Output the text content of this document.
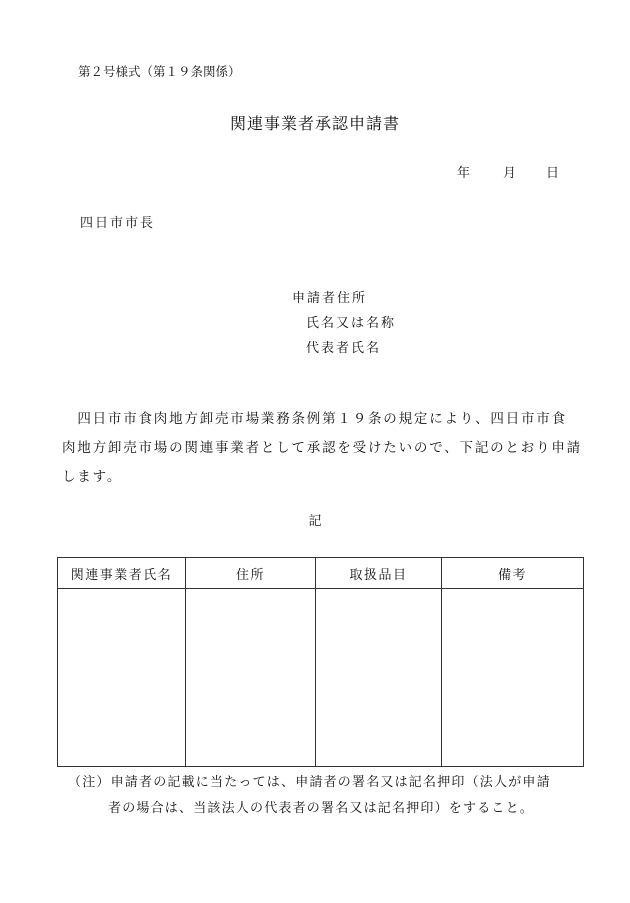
第２号様式（第１９条関係）
関連事業者承認申請書
年	月 日
四日市市長
申請者住所
氏名又は名称
代表者氏名
　四日市市食肉地方卸売市場業務条例第１９条の規定により、四日市市食肉地方卸売市場の関連事業者として承認を受けたいので、下記のとおり申請します。
記
関連事業者氏名	住所	取扱品目	備考

（注）申請者の記載に当たっては、申請者の署名又は記名押印（法人が申請
者の場合は、当該法人の代表者の署名又は記名押印）をすること。
